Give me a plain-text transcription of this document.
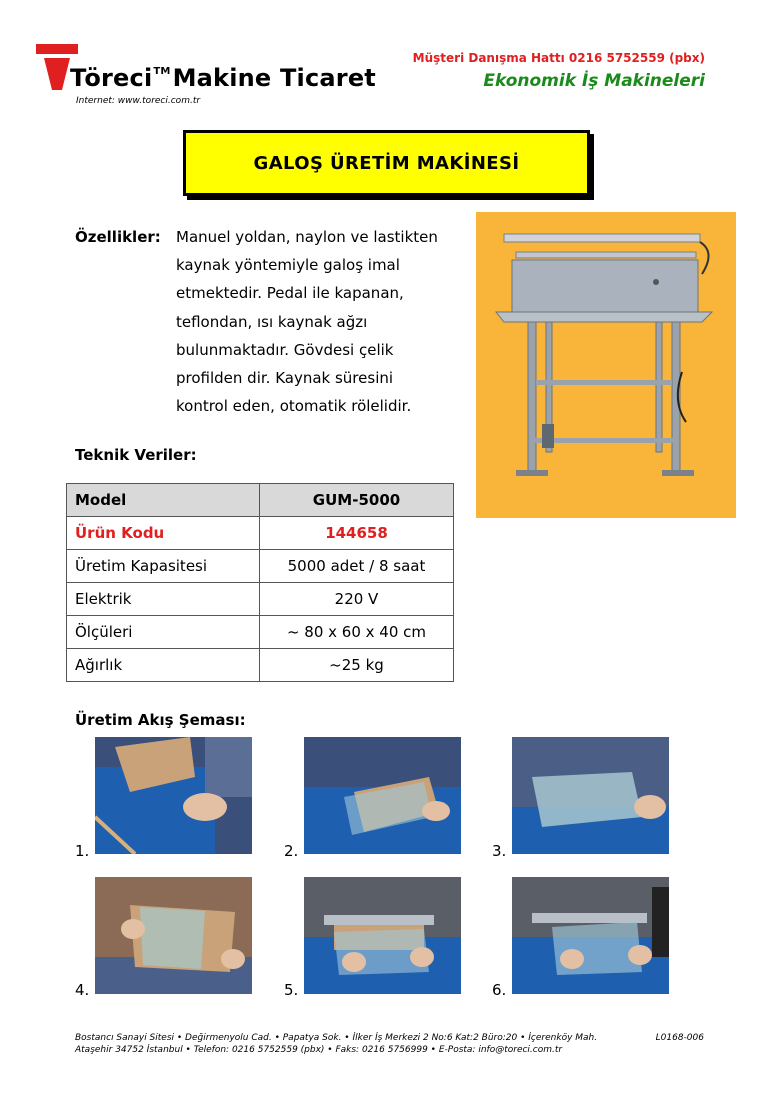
Töreci™Makine Ticaret
Internet: www.toreci.com.tr
Müşteri Danışma Hattı 0216 5752559 (pbx)
Ekonomik İş Makineleri
GALOŞ ÜRETİM MAKİNESİ
Özellikler: Manuel yoldan, naylon ve lastikten
kaynak yöntemiyle galoş imal
etmektedir. Pedal ile kapanan,
teflondan, ısı kaynak ağzı
bulunmaktadır. Gövdesi çelik
profilden dir. Kaynak süresini
kontrol eden, otomatik rölelidir.
Teknik Veriler:
Model	GUM-5000
Ürün Kodu	144658
Üretim Kapasitesi	5000 adet / 8 saat
Elektrik	220 V
Ölçüleri	~ 80 x 60 x 40 cm
Ağırlık	~25 kg
Üretim Akış Şeması:
1.	2.	3.
4.	5.	6.
Bostancı Sanayi Sitesi • Değirmenyolu Cad. • Papatya Sok. • İlker İş Merkezi 2 No:6 Kat:2 Büro:20 • İçerenköy Mah.
Ataşehir 34752 İstanbul • Telefon: 0216 5752559 (pbx) • Faks: 0216 5756999 • E-Posta: info@toreci.com.tr
L0168-006
